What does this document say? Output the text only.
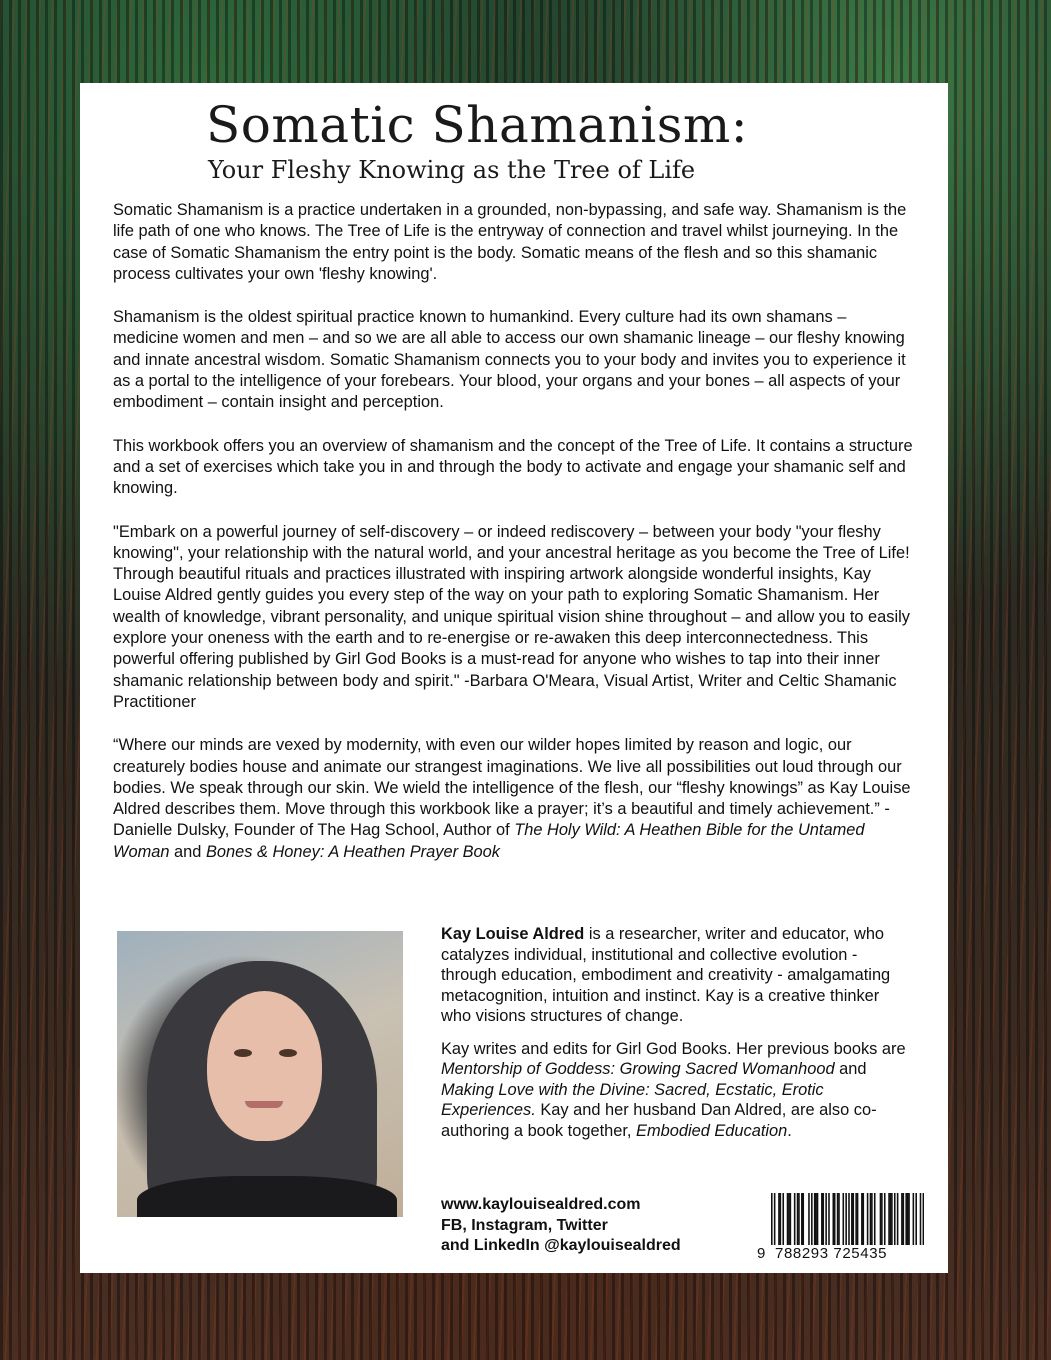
Somatic Shamanism:
Your Fleshy Knowing as the Tree of Life

Somatic Shamanism is a practice undertaken in a grounded, non-bypassing, and safe way. Shamanism is the life path of one who knows. The Tree of Life is the entryway of connection and travel whilst journeying. In the case of Somatic Shamanism the entry point is the body. Somatic means of the flesh and so this shamanic process cultivates your own 'fleshy knowing'.

Shamanism is the oldest spiritual practice known to humankind. Every culture had its own shamans – medicine women and men – and so we are all able to access our own shamanic lineage – our fleshy knowing and innate ancestral wisdom. Somatic Shamanism connects you to your body and invites you to experience it as a portal to the intelligence of your forebears. Your blood, your organs and your bones – all aspects of your embodiment – contain insight and perception.

This workbook offers you an overview of shamanism and the concept of the Tree of Life. It contains a structure and a set of exercises which take you in and through the body to activate and engage your shamanic self and knowing.

"Embark on a powerful journey of self-discovery – or indeed rediscovery – between your body "your fleshy knowing", your relationship with the natural world, and your ancestral heritage as you become the Tree of Life! Through beautiful rituals and practices illustrated with inspiring artwork alongside wonderful insights, Kay Louise Aldred gently guides you every step of the way on your path to exploring Somatic Shamanism. Her wealth of knowledge, vibrant personality, and unique spiritual vision shine throughout – and allow you to easily explore your oneness with the earth and to re-energise or re-awaken this deep interconnectedness. This powerful offering published by Girl God Books is a must-read for anyone who wishes to tap into their inner shamanic relationship between body and spirit." -Barbara O'Meara, Visual Artist, Writer and Celtic Shamanic Practitioner

“Where our minds are vexed by modernity, with even our wilder hopes limited by reason and logic, our creaturely bodies house and animate our strangest imaginations. We live all possibilities out loud through our bodies. We speak through our skin. We wield the intelligence of the flesh, our “fleshy knowings” as Kay Louise Aldred describes them. Move through this workbook like a prayer; it’s a beautiful and timely achievement.” -Danielle Dulsky, Founder of The Hag School, Author of The Holy Wild: A Heathen Bible for the Untamed Woman and Bones & Honey: A Heathen Prayer Book

Kay Louise Aldred is a researcher, writer and educator, who catalyzes individual, institutional and collective evolution - through education, embodiment and creativity - amalgamating metacognition, intuition and instinct. Kay is a creative thinker who visions structures of change.

Kay writes and edits for Girl God Books. Her previous books are Mentorship of Goddess: Growing Sacred Womanhood and Making Love with the Divine: Sacred, Ecstatic, Erotic Experiences. Kay and her husband Dan Aldred, are also co-authoring a book together, Embodied Education.

www.kaylouisealdred.com
FB, Instagram, Twitter
and LinkedIn @kaylouisealdred	9 788293 725435
